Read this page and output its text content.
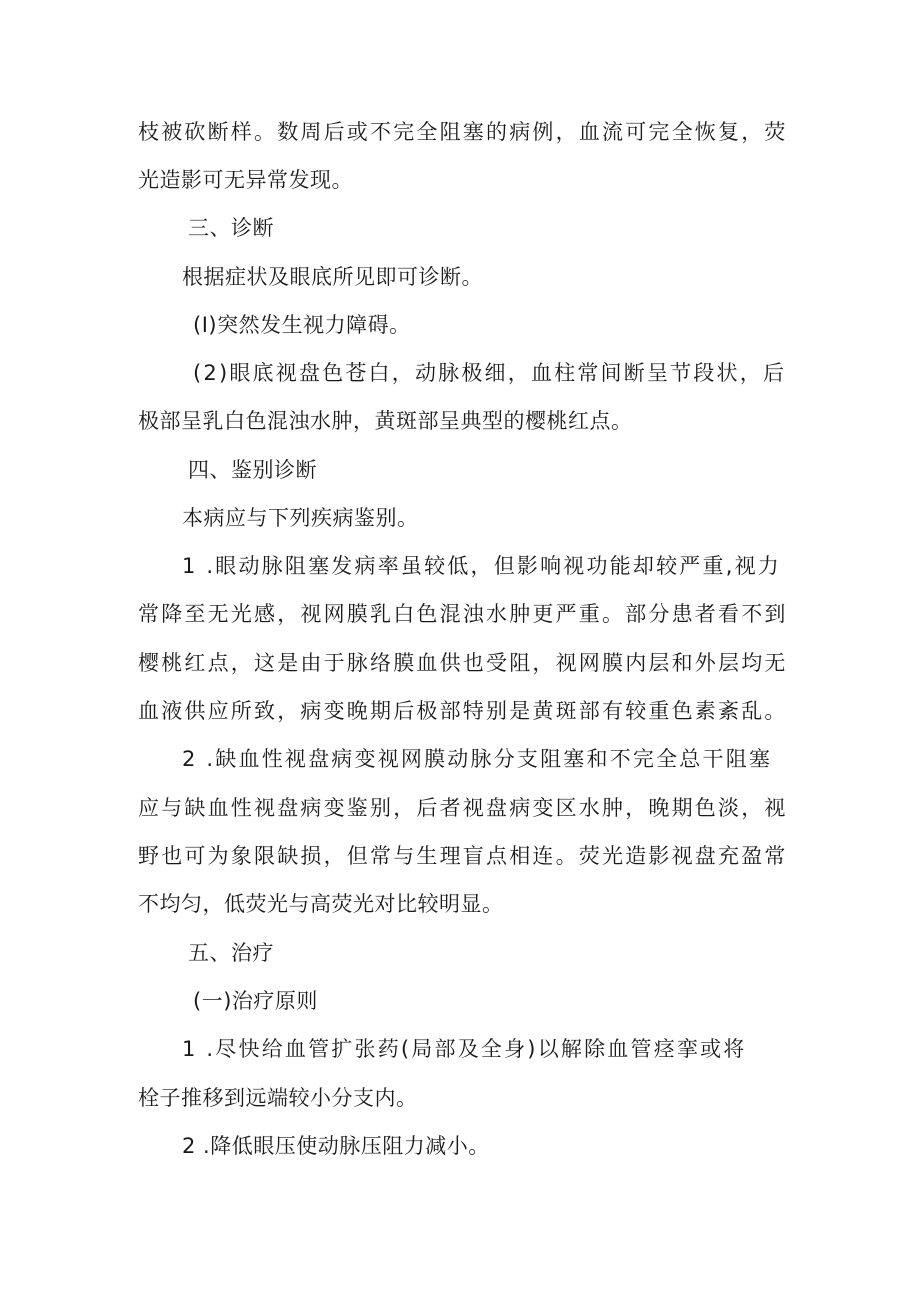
枝被砍断样。数周后或不完全阻塞的病例，血流可完全恢复，荧
光造影可无异常发现。
三、诊断
根据症状及眼底所见即可诊断。
(I)突然发生视力障碍。
(2)眼底视盘色苍白，动脉极细，血柱常间断呈节段状，后
极部呈乳白色混浊水肿，黄斑部呈典型的樱桃红点。
四、鉴别诊断
本病应与下列疾病鉴别。
1 .眼动脉阻塞发病率虽较低，但影响视功能却较严重,视力
常降至无光感，视网膜乳白色混浊水肿更严重。部分患者看不到
樱桃红点，这是由于脉络膜血供也受阻，视网膜内层和外层均无
血液供应所致，病变晚期后极部特别是黄斑部有较重色素紊乱。
2 .缺血性视盘病变视网膜动脉分支阻塞和不完全总干阻塞
应与缺血性视盘病变鉴别，后者视盘病变区水肿，晚期色淡，视
野也可为象限缺损，但常与生理盲点相连。荧光造影视盘充盈常
不均匀，低荧光与高荧光对比较明显。
五、治疗
(一)治疗原则
1 .尽快给血管扩张药(局部及全身)以解除血管痉挛或将
栓子推移到远端较小分支内。
2 .降低眼压使动脉压阻力减小。
